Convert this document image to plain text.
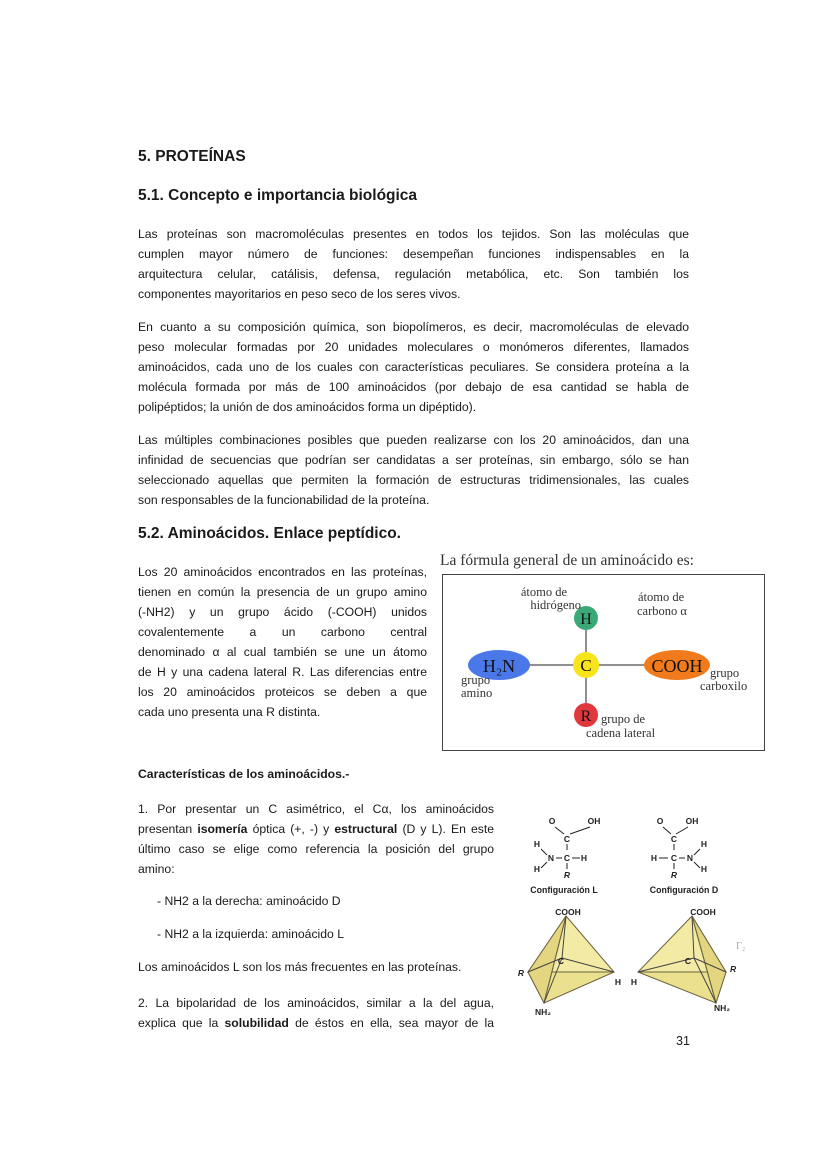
5. PROTEÍNAS
5.1. Concepto e importancia biológica
Las proteínas son macromoléculas presentes en todos los tejidos. Son las moléculas que
cumplen mayor número de funciones: desempeñan funciones indispensables en la
arquitectura celular, catálisis, defensa, regulación metabólica, etc. Son también los
componentes mayoritarios en peso seco de los seres vivos.
En cuanto a su composición química, son biopolímeros, es decir, macromoléculas de elevado
peso molecular formadas por 20 unidades moleculares o monómeros diferentes, llamados
aminoácidos, cada uno de los cuales con características peculiares. Se considera proteína a la
molécula formada por más de 100 aminoácidos (por debajo de esa cantidad se habla de
polipéptidos; la unión de dos aminoácidos forma un dipéptido).
Las múltiples combinaciones posibles que pueden realizarse con los 20 aminoácidos, dan una
infinidad de secuencias que podrían ser candidatas a ser proteínas, sin embargo, sólo se han
seleccionado aquellas que permiten la formación de estructuras tridimensionales, las cuales
son responsables de la funcionabilidad de la proteína.
5.2. Aminoácidos. Enlace peptídico.
Los 20 aminoácidos encontrados en las proteínas,
tienen en común la presencia de un grupo amino
(-NH2) y un grupo ácido (-COOH) unidos
covalentemente a un carbono central
denominado α al cual también se une un átomo
de H y una cadena lateral R. Las diferencias entre
los 20 aminoácidos proteicos se deben a que
cada uno presenta una R distinta.
La fórmula general de un aminoácido es:
H
átomo de
hidrógeno
C
átomo de
carbono α
H₂N
grupo
amino
COOH grupo
carboxilo
R grupo de
cadena lateral
Características de los aminoácidos.-
1. Por presentar un C asimétrico, el Cα, los aminoácidos
presentan isomería óptica (+, -) y estructural (D y L). En este
último caso se elige como referencia la posición del grupo
amino:
- NH2 a la derecha: aminoácido D
- NH2 a la izquierda: aminoácido L
Los aminoácidos L son los más frecuentes en las proteínas.
2. La bipolaridad de los aminoácidos, similar a la del agua,
explica que la solubilidad de éstos en ella, sea mayor de la
O	OH
C
H
H
N C H
R
Configuración L
O	OH
C
H C N
H
H
R
Configuración D
COOH
C
R
H
NH₂
COOH
C
H
R
NH₂
Γ₂
31
